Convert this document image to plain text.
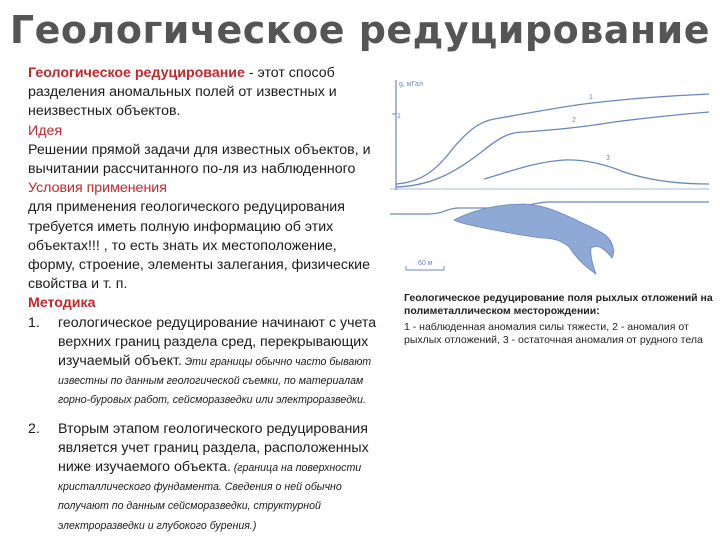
Геологическое редуцирование

Геологическое редуцирование - этот способ разделения аномальных полей от известных и неизвестных объектов.

Идея

Решении прямой задачи для известных объектов, и вычитании рассчитанного по-ля из наблюденного

Условия применения

для применения геологического редуцирования требуется иметь полную информацию об этих объектах!!! , то есть знать их местоположение, форму, строение, элементы залегания, физические свойства и т. п.

Методика

1.	геологическое редуцирование начинают с учета верхних границ раздела сред, перекрывающих изучаемый объект. Эти границы обычно часто бывают известны по данным геологической съемки, по материалам горно-буровых работ, сейсморазведки или электроразведки.
2.	Вторым этапом геологического редуцирования является учет границ раздела, расположенных ниже изучаемого объекта. (граница на поверхности кристаллического фундамента. Сведения о ней обычно получают по данным сейсморазведки, структурной электроразведки и глубокого бурения.)
g, мГал
1
1
2
3
60 м
Геологическое редуцирование поля рыхлых отложений на полиметаллическом месторождении:
1 - наблюденная аномалия силы тяжести, 2 - аномалия от рыхлых отложений, 3 - остаточная аномалия от рудного тела
